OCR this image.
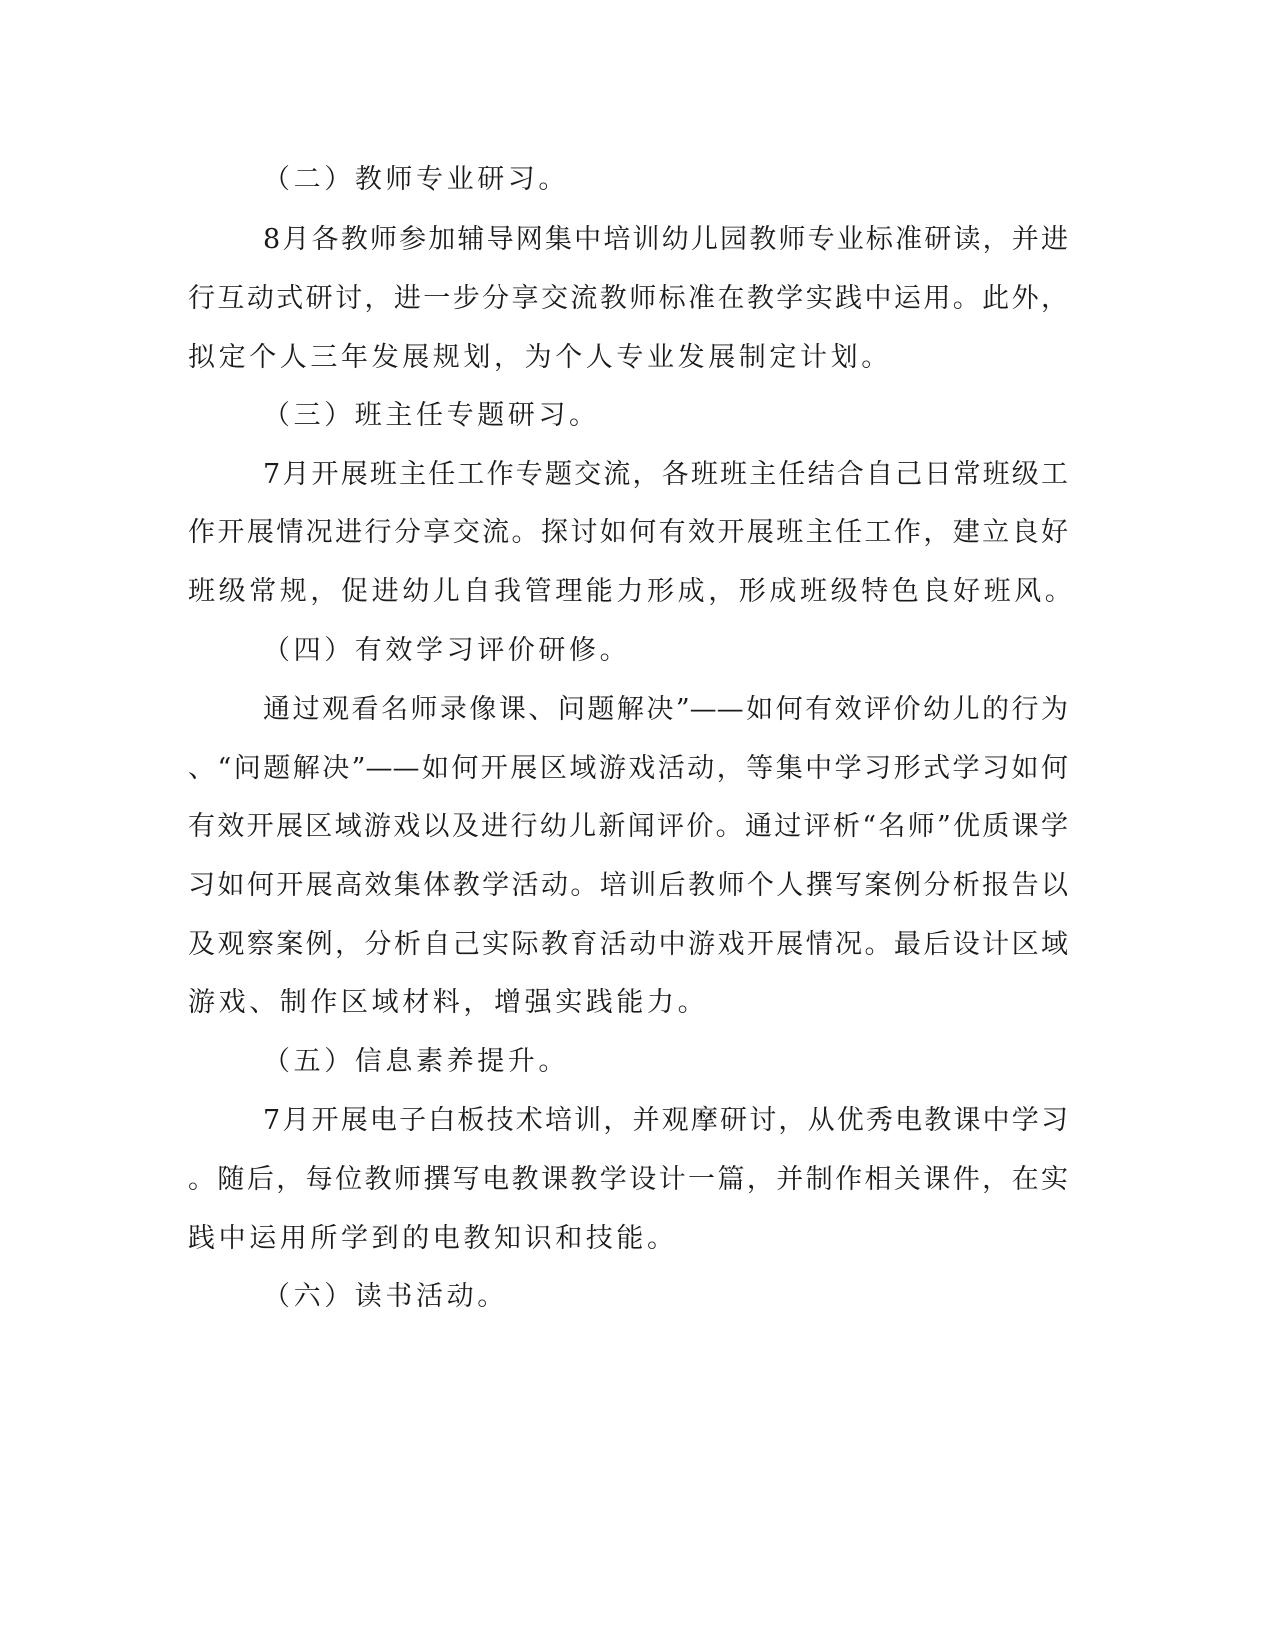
（二）教师专业研习。
8月各教师参加辅导网集中培训幼儿园教师专业标准研读，并进
行互动式研讨，进一步分享交流教师标准在教学实践中运用。此外，
拟定个人三年发展规划，为个人专业发展制定计划。
（三）班主任专题研习。
7月开展班主任工作专题交流，各班班主任结合自己日常班级工
作开展情况进行分享交流。探讨如何有效开展班主任工作，建立良好
班级常规，促进幼儿自我管理能力形成，形成班级特色良好班风。
（四）有效学习评价研修。
通过观看名师录像课、问题解决”——如何有效评价幼儿的行为
、“问题解决”——如何开展区域游戏活动，等集中学习形式学习如何
有效开展区域游戏以及进行幼儿新闻评价。通过评析“名师”优质课学
习如何开展高效集体教学活动。培训后教师个人撰写案例分析报告以
及观察案例，分析自己实际教育活动中游戏开展情况。最后设计区域
游戏、制作区域材料，增强实践能力。
（五）信息素养提升。
7月开展电子白板技术培训，并观摩研讨，从优秀电教课中学习
。随后，每位教师撰写电教课教学设计一篇，并制作相关课件，在实
践中运用所学到的电教知识和技能。
（六）读书活动。
